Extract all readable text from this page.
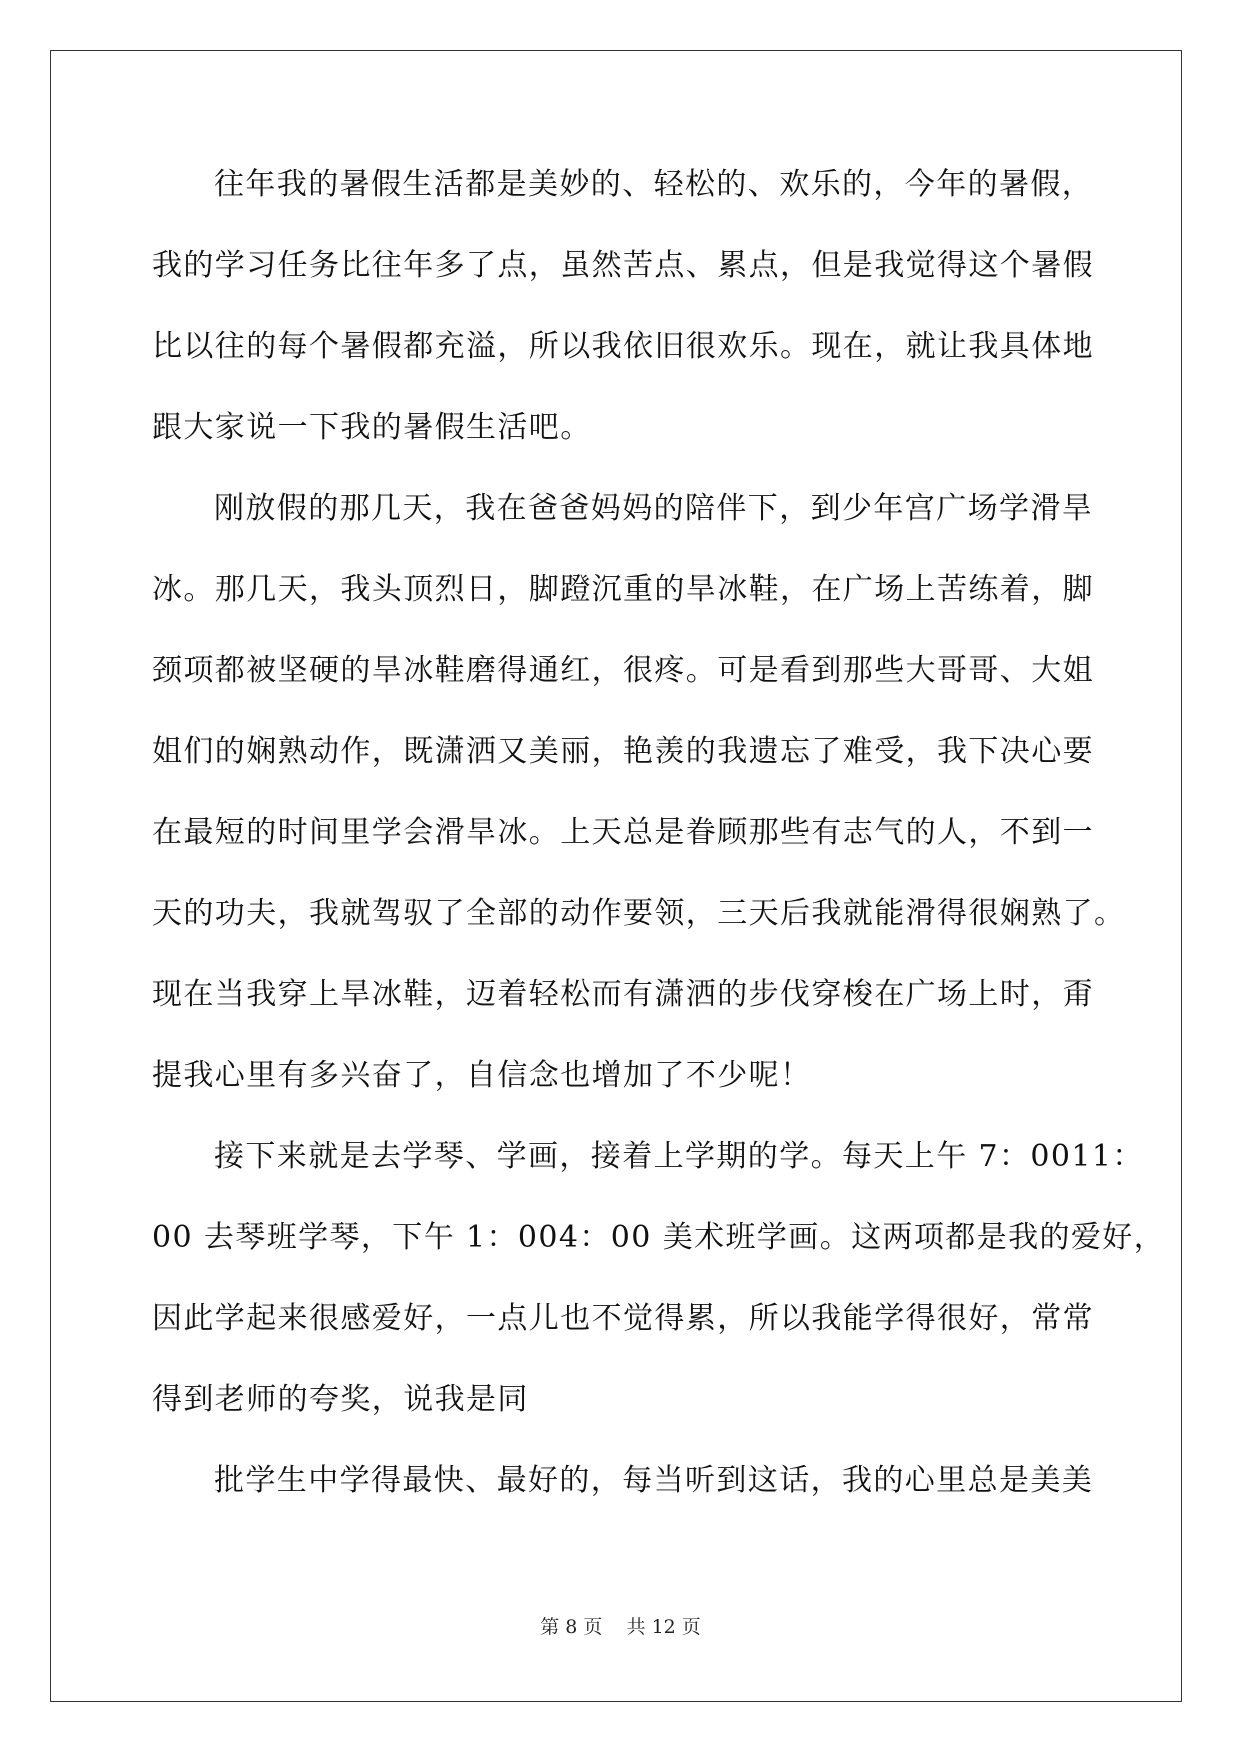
往年我的暑假生活都是美妙的、轻松的、欢乐的，今年的暑假，
我的学习任务比往年多了点，虽然苦点、累点，但是我觉得这个暑假
比以往的每个暑假都充溢，所以我依旧很欢乐。现在，就让我具体地
跟大家说一下我的暑假生活吧。
刚放假的那几天，我在爸爸妈妈的陪伴下，到少年宫广场学滑旱
冰。那几天，我头顶烈日，脚蹬沉重的旱冰鞋，在广场上苦练着，脚
颈项都被坚硬的旱冰鞋磨得通红，很疼。可是看到那些大哥哥、大姐
姐们的娴熟动作，既潇洒又美丽，艳羡的我遗忘了难受，我下决心要
在最短的时间里学会滑旱冰。上天总是眷顾那些有志气的人，不到一
天的功夫，我就驾驭了全部的动作要领，三天后我就能滑得很娴熟了。
现在当我穿上旱冰鞋，迈着轻松而有潇洒的步伐穿梭在广场上时，甭
提我心里有多兴奋了，自信念也增加了不少呢！
接下来就是去学琴、学画，接着上学期的学。每天上午 7：0011：
00 去琴班学琴，下午 1：004：00 美术班学画。这两项都是我的爱好，
因此学起来很感爱好，一点儿也不觉得累，所以我能学得很好，常常
得到老师的夸奖，说我是同
批学生中学得最快、最好的，每当听到这话，我的心里总是美美
第 8 页    共 12 页
